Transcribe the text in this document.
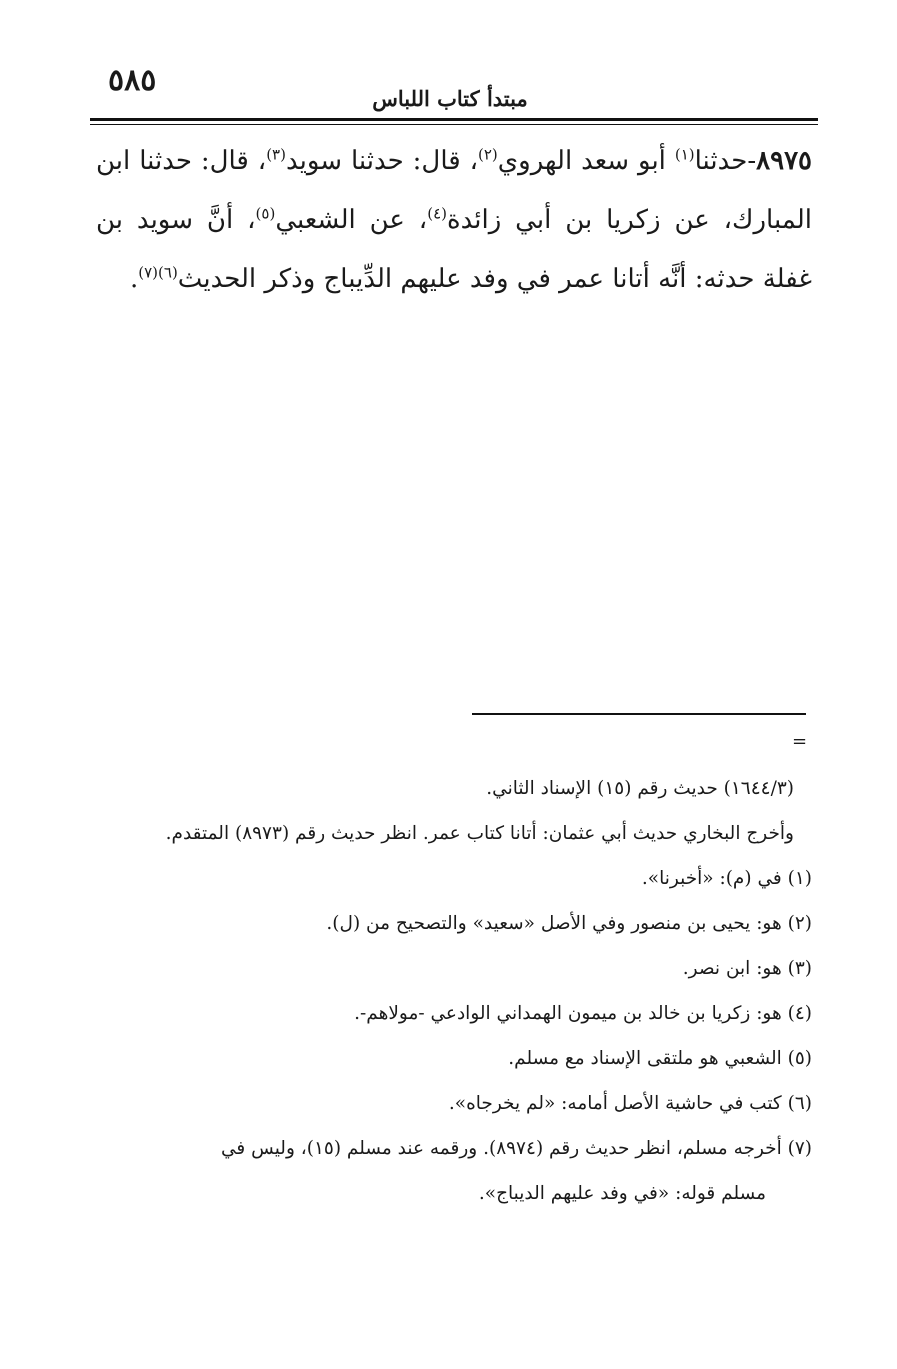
٥٨٥
مبتدأ كتاب اللباس
٨٩٧٥-حدثنا$^{(١)}$ أبو سعد الهروي$^{(٢)}$، قال: حدثنا سويد$^{(٣)}$، قال: حدثنا ابن المبارك، عن زكريا بن أبي زائدة$^{(٤)}$، عن الشعبي$^{(٥)}$، أنَّ سويد بن غفلة حدثه: أنَّه أتانا عمر في وفد عليهم الدِّيباج وذكر الحديث$^{(٦)(٧)}$.
=
(١٦٤٤/٣) حديث رقم (١٥) الإسناد الثاني.
وأخرج البخاري حديث أبي عثمان: أتانا كتاب عمر. انظر حديث رقم (٨٩٧٣) المتقدم.
(١) في (م): «أخبرنا».
(٢) هو: يحيى بن منصور وفي الأصل «سعيد» والتصحيح من (ل).
(٣) هو: ابن نصر.
(٤) هو: زكريا بن خالد بن ميمون الهمداني الوادعي -مولاهم-.
(٥) الشعبي هو ملتقى الإسناد مع مسلم.
(٦) كتب في حاشية الأصل أمامه: «لم يخرجاه».
(٧) أخرجه مسلم، انظر حديث رقم (٨٩٧٤). ورقمه عند مسلم (١٥)، وليس في
مسلم قوله: «في وفد عليهم الديباج».
